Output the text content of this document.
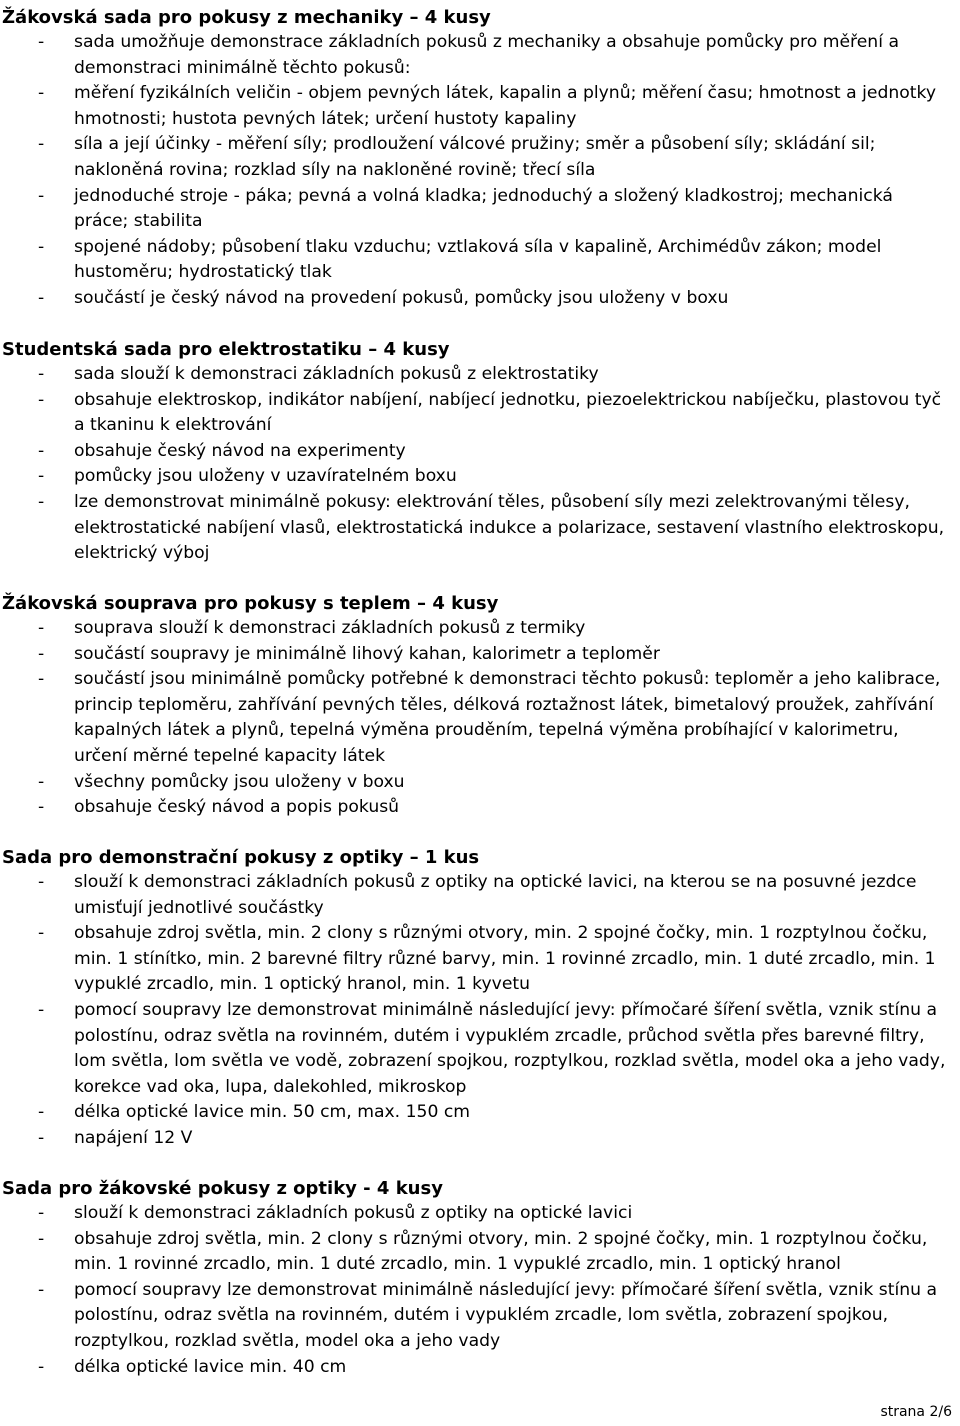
Žákovská sada pro pokusy z mechaniky – 4 kusy
- sada umožňuje demonstrace základních pokusů z mechaniky a obsahuje pomůcky pro měření a demonstraci minimálně těchto pokusů:
- měření fyzikálních veličin - objem pevných látek, kapalin a plynů; měření času; hmotnost a jednotky hmotnosti; hustota pevných látek; určení hustoty kapaliny
- síla a její účinky - měření síly; prodloužení válcové pružiny; směr a působení síly; skládání sil; nakloněná rovina; rozklad síly na nakloněné rovině; třecí síla
- jednoduché stroje - páka; pevná a volná kladka; jednoduchý a složený kladkostroj; mechanická práce; stabilita
- spojené nádoby; působení tlaku vzduchu; vztlaková síla v kapalině, Archimédův zákon; model hustoměru; hydrostatický tlak
- součástí je český návod na provedení pokusů, pomůcky jsou uloženy v boxu
Studentská sada pro elektrostatiku – 4 kusy
- sada slouží k demonstraci základních pokusů z elektrostatiky
- obsahuje elektroskop, indikátor nabíjení, nabíjecí jednotku, piezoelektrickou nabíječku, plastovou tyč a tkaninu k elektrování
- obsahuje český návod na experimenty
- pomůcky jsou uloženy v uzavíratelném boxu
- lze demonstrovat minimálně pokusy: elektrování těles, působení síly mezi zelektrovanými tělesy, elektrostatické nabíjení vlasů, elektrostatická indukce a polarizace, sestavení vlastního elektroskopu, elektrický výboj
Žákovská souprava pro pokusy s teplem – 4 kusy
- souprava slouží k demonstraci základních pokusů z termiky
- součástí soupravy je minimálně lihový kahan, kalorimetr a teploměr
- součástí jsou minimálně pomůcky potřebné k demonstraci těchto pokusů: teploměr a jeho kalibrace, princip teploměru, zahřívání pevných těles, délková roztažnost látek, bimetalový proužek, zahřívání kapalných látek a plynů, tepelná výměna prouděním, tepelná výměna probíhající v kalorimetru, určení měrné tepelné kapacity látek
- všechny pomůcky jsou uloženy v boxu
- obsahuje český návod a popis pokusů
Sada pro demonstrační pokusy z optiky – 1 kus
- slouží k demonstraci základních pokusů z optiky na optické lavici, na kterou se na posuvné jezdce umisťují jednotlivé součástky
- obsahuje zdroj světla, min. 2 clony s různými otvory, min. 2 spojné čočky, min. 1 rozptylnou čočku, min. 1 stínítko, min. 2 barevné filtry různé barvy, min. 1 rovinné zrcadlo, min. 1 duté zrcadlo, min. 1 vypuklé zrcadlo, min. 1 optický hranol, min. 1 kyvetu
- pomocí soupravy lze demonstrovat minimálně následující jevy: přímočaré šíření světla, vznik stínu a polostínu, odraz světla na rovinném, dutém i vypuklém zrcadle, průchod světla přes barevné filtry, lom světla, lom světla ve vodě, zobrazení spojkou, rozptylkou, rozklad světla, model oka a jeho vady, korekce vad oka, lupa, dalekohled, mikroskop
- délka optické lavice min. 50 cm, max. 150 cm
- napájení 12 V
Sada pro žákovské pokusy z optiky - 4 kusy
- slouží k demonstraci základních pokusů z optiky na optické lavici
- obsahuje zdroj světla, min. 2 clony s různými otvory, min. 2 spojné čočky, min. 1 rozptylnou čočku, min. 1 rovinné zrcadlo, min. 1 duté zrcadlo, min. 1 vypuklé zrcadlo, min. 1 optický hranol
- pomocí soupravy lze demonstrovat minimálně následující jevy: přímočaré šíření světla, vznik stínu a polostínu, odraz světla na rovinném, dutém i vypuklém zrcadle, lom světla, zobrazení spojkou, rozptylkou, rozklad světla, model oka a jeho vady
- délka optické lavice min. 40 cm
strana 2/6
